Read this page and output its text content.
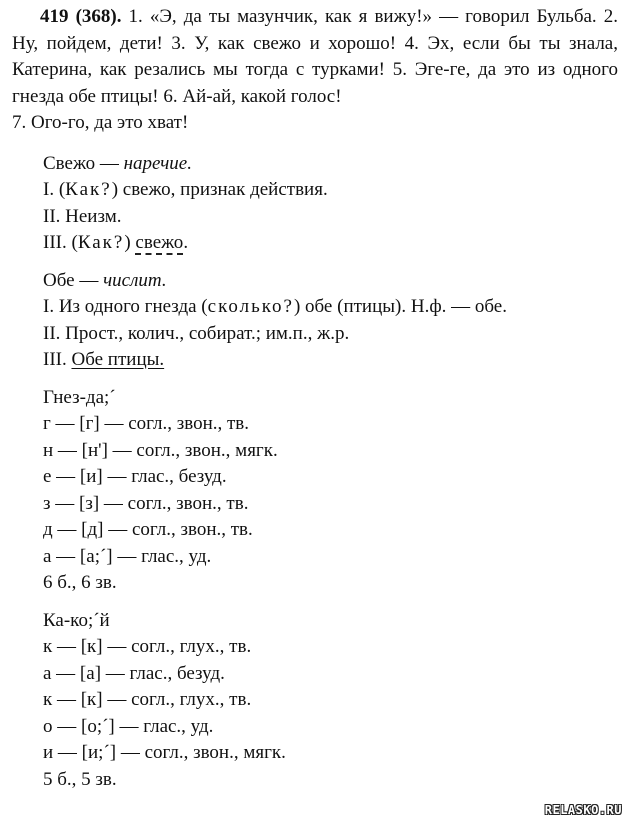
419 (368). 1. «Э, да ты мазунчик, как я вижу!» — говорил Бульба. 2. Ну, пойдем, дети! 3. У, как свежо и хорошо! 4. Эх, если бы ты знала, Катерина, как резались мы тогда с турками! 5. Эге-ге, да это из одного гнезда обе птицы! 6. Ай-ай, какой голос!
7. Ого-го, да это хват!

Свежо — наречие.
I. (Как?) свежо, признак действия.
II. Неизм.
III. (Как?) свежо.
Обе — числит.
I. Из одного гнезда (сколько?) обе (птицы). Н.ф. — обе.
II. Прост., колич., собират.; им.п., ж.р.
III. Обе птицы.
Гнез-да;´
г — [г] — согл., звон., тв.
н — [н'] — согл., звон., мягк.
е — [и] — глас., безуд.
з — [з] — согл., звон., тв.
д — [д] — согл., звон., тв.
а — [а;´] — глас., уд.
6 б., 6 зв.
Ка-ко;´й
к — [к] — согл., глух., тв.
а — [а] — глас., безуд.
к — [к] — согл., глух., тв.
о — [о;´] — глас., уд.
и — [и;´] — согл., звон., мягк.
5 б., 5 зв.
RELASKO.RU
